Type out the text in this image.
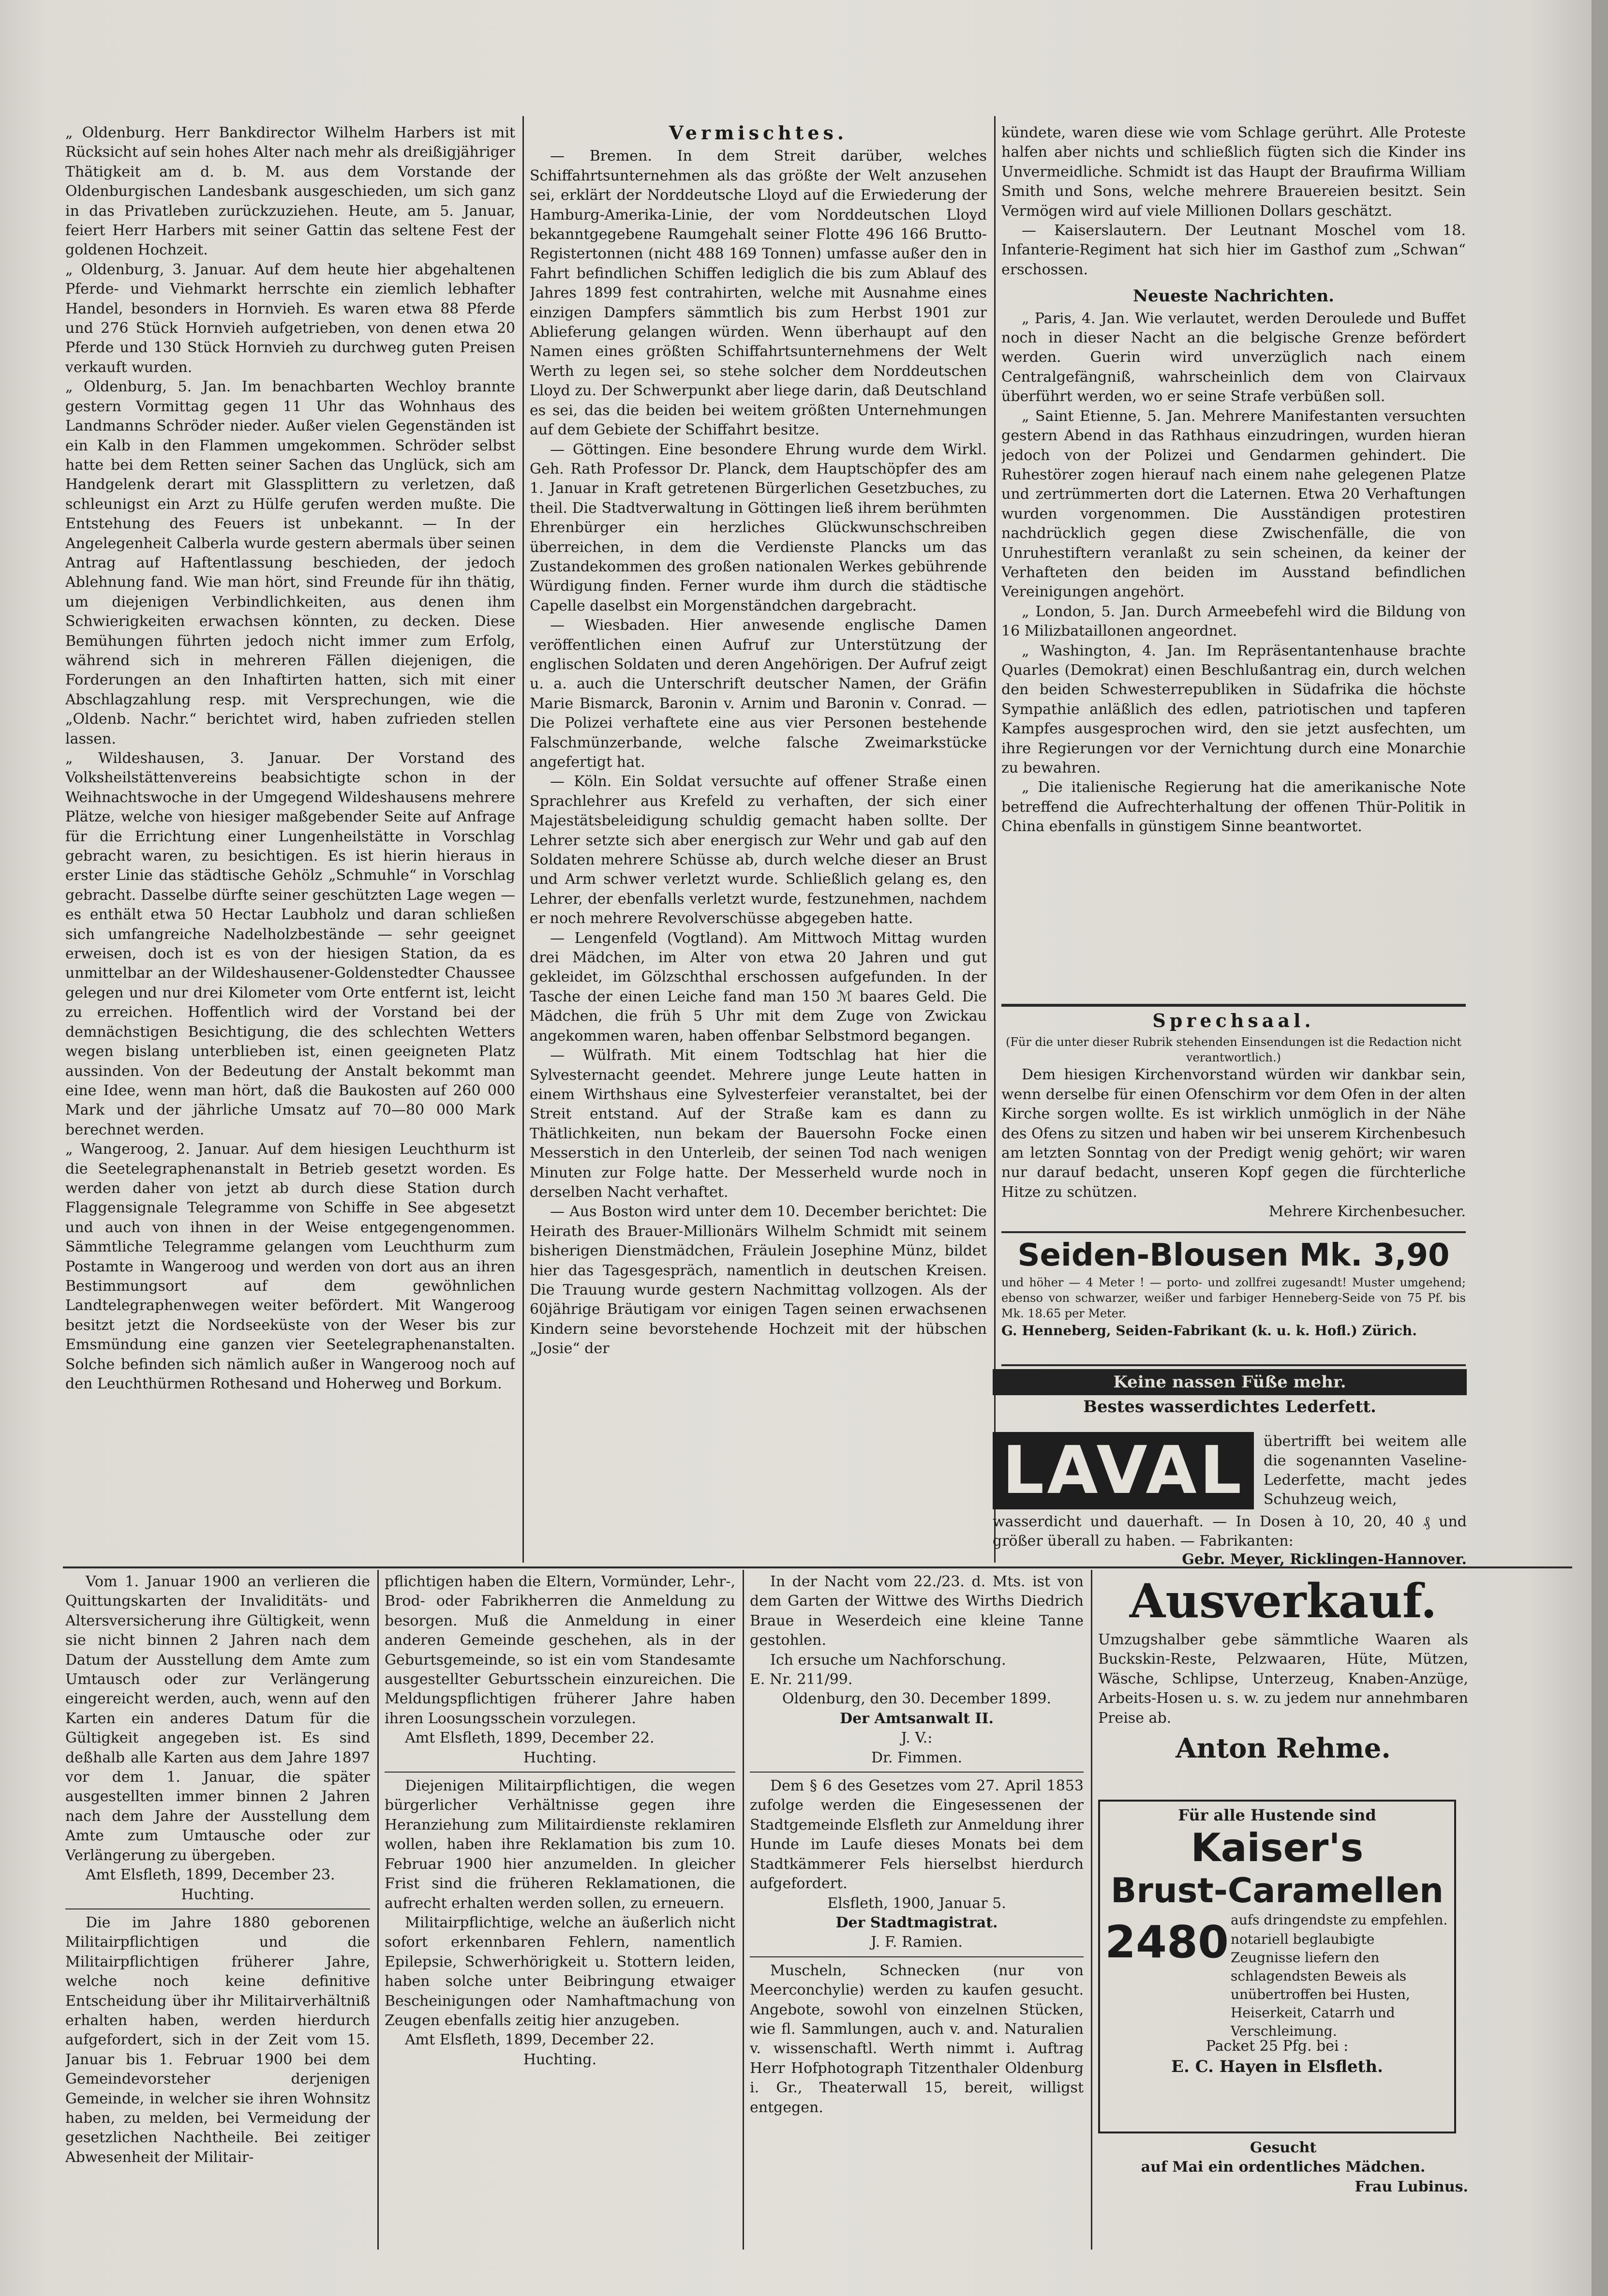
„ Oldenburg. Herr Bankdirector Wilhelm Harbers ist mit Rücksicht auf sein hohes Alter nach mehr als dreißigjähriger Thätigkeit am d. b. M. aus dem Vorstande der Oldenburgischen Landesbank ausgeschieden, um sich ganz in das Privatleben zurückzuziehen. Heute, am 5. Januar, feiert Herr Harbers mit seiner Gattin das seltene Fest der goldenen Hochzeit.

„ Oldenburg, 3. Januar. Auf dem heute hier abgehaltenen Pferde- und Viehmarkt herrschte ein ziemlich lebhafter Handel, besonders in Hornvieh. Es waren etwa 88 Pferde und 276 Stück Hornvieh aufgetrieben, von denen etwa 20 Pferde und 130 Stück Hornvieh zu durchweg guten Preisen verkauft wurden.

„ Oldenburg, 5. Jan. Im benachbarten Wechloy brannte gestern Vormittag gegen 11 Uhr das Wohnhaus des Landmanns Schröder nieder. Außer vielen Gegenständen ist ein Kalb in den Flammen umgekommen. Schröder selbst hatte bei dem Retten seiner Sachen das Unglück, sich am Handgelenk derart mit Glassplittern zu verletzen, daß schleunigst ein Arzt zu Hülfe gerufen werden mußte. Die Entstehung des Feuers ist unbekannt. — In der Angelegenheit Calberla wurde gestern abermals über seinen Antrag auf Haftentlassung beschieden, der jedoch Ablehnung fand. Wie man hört, sind Freunde für ihn thätig, um diejenigen Verbindlichkeiten, aus denen ihm Schwierigkeiten erwachsen könnten, zu decken. Diese Bemühungen führten jedoch nicht immer zum Erfolg, während sich in mehreren Fällen diejenigen, die Forderungen an den Inhaftirten hatten, sich mit einer Abschlagzahlung resp. mit Versprechungen, wie die „Oldenb. Nachr.“ berichtet wird, haben zufrieden stellen lassen.

„ Wildeshausen, 3. Januar. Der Vorstand des Volksheilstättenvereins beabsichtigte schon in der Weihnachtswoche in der Umgegend Wildeshausens mehrere Plätze, welche von hiesiger maßgebender Seite auf Anfrage für die Errichtung einer Lungenheilstätte in Vorschlag gebracht waren, zu besichtigen. Es ist hierin hieraus in erster Linie das städtische Gehölz „Schmuhle“ in Vorschlag gebracht. Dasselbe dürfte seiner geschützten Lage wegen — es enthält etwa 50 Hectar Laubholz und daran schließen sich umfangreiche Nadelholzbestände — sehr geeignet erweisen, doch ist es von der hiesigen Station, da es unmittelbar an der Wildeshausener-Goldenstedter Chaussee gelegen und nur drei Kilometer vom Orte entfernt ist, leicht zu erreichen. Hoffentlich wird der Vorstand bei der demnächstigen Besichtigung, die des schlechten Wetters wegen bislang unterblieben ist, einen geeigneten Platz aussinden. Von der Bedeutung der Anstalt bekommt man eine Idee, wenn man hört, daß die Baukosten auf 260 000 Mark und der jährliche Umsatz auf 70—80 000 Mark berechnet werden.

„ Wangeroog, 2. Januar. Auf dem hiesigen Leuchthurm ist die Seetelegraphenanstalt in Betrieb gesetzt worden. Es werden daher von jetzt ab durch diese Station durch Flaggensignale Telegramme von Schiffe in See abgesetzt und auch von ihnen in der Weise entgegengenommen. Sämmtliche Telegramme gelangen vom Leuchthurm zum Postamte in Wangeroog und werden von dort aus an ihren Bestimmungsort auf dem gewöhnlichen Landtelegraphenwegen weiter befördert. Mit Wangeroog besitzt jetzt die Nordseeküste von der Weser bis zur Emsmündung eine ganzen vier Seetelegraphenanstalten. Solche befinden sich nämlich außer in Wangeroog noch auf den Leuchthürmen Rothesand und Hoherweg und Borkum.

Vermischtes.

— Bremen. In dem Streit darüber, welches Schiffahrtsunternehmen als das größte der Welt anzusehen sei, erklärt der Norddeutsche Lloyd auf die Erwiederung der Hamburg-Amerika-Linie, der vom Norddeutschen Lloyd bekanntgegebene Raumgehalt seiner Flotte 496 166 Brutto-Registertonnen (nicht 488 169 Tonnen) umfasse außer den in Fahrt befindlichen Schiffen lediglich die bis zum Ablauf des Jahres 1899 fest contrahirten, welche mit Ausnahme eines einzigen Dampfers sämmtlich bis zum Herbst 1901 zur Ablieferung gelangen würden. Wenn überhaupt auf den Namen eines größten Schiffahrtsunternehmens der Welt Werth zu legen sei, so stehe solcher dem Norddeutschen Lloyd zu. Der Schwerpunkt aber liege darin, daß Deutschland es sei, das die beiden bei weitem größten Unternehmungen auf dem Gebiete der Schiffahrt besitze.

— Göttingen. Eine besondere Ehrung wurde dem Wirkl. Geh. Rath Professor Dr. Planck, dem Hauptschöpfer des am 1. Januar in Kraft getretenen Bürgerlichen Gesetzbuches, zu theil. Die Stadtverwaltung in Göttingen ließ ihrem berühmten Ehrenbürger ein herzliches Glückwunschschreiben überreichen, in dem die Verdienste Plancks um das Zustandekommen des großen nationalen Werkes gebührende Würdigung finden. Ferner wurde ihm durch die städtische Capelle daselbst ein Morgenständchen dargebracht.

— Wiesbaden. Hier anwesende englische Damen veröffentlichen einen Aufruf zur Unterstützung der englischen Soldaten und deren Angehörigen. Der Aufruf zeigt u. a. auch die Unterschrift deutscher Namen, der Gräfin Marie Bismarck, Baronin v. Arnim und Baronin v. Conrad. — Die Polizei verhaftete eine aus vier Personen bestehende Falschmünzerbande, welche falsche Zweimarkstücke angefertigt hat.

— Köln. Ein Soldat versuchte auf offener Straße einen Sprachlehrer aus Krefeld zu verhaften, der sich einer Majestätsbeleidigung schuldig gemacht haben sollte. Der Lehrer setzte sich aber energisch zur Wehr und gab auf den Soldaten mehrere Schüsse ab, durch welche dieser an Brust und Arm schwer verletzt wurde. Schließlich gelang es, den Lehrer, der ebenfalls verletzt wurde, festzunehmen, nachdem er noch mehrere Revolverschüsse abgegeben hatte.

— Lengenfeld (Vogtland). Am Mittwoch Mittag wurden drei Mädchen, im Alter von etwa 20 Jahren und gut gekleidet, im Gölzschthal erschossen aufgefunden. In der Tasche der einen Leiche fand man 150 ℳ baares Geld. Die Mädchen, die früh 5 Uhr mit dem Zuge von Zwickau angekommen waren, haben offenbar Selbstmord begangen.

— Wülfrath. Mit einem Todtschlag hat hier die Sylvesternacht geendet. Mehrere junge Leute hatten in einem Wirthshaus eine Sylvesterfeier veranstaltet, bei der Streit entstand. Auf der Straße kam es dann zu Thätlichkeiten, nun bekam der Bauersohn Focke einen Messerstich in den Unterleib, der seinen Tod nach wenigen Minuten zur Folge hatte. Der Messerheld wurde noch in derselben Nacht verhaftet.

— Aus Boston wird unter dem 10. December berichtet: Die Heirath des Brauer-Millionärs Wilhelm Schmidt mit seinem bisherigen Dienstmädchen, Fräulein Josephine Münz, bildet hier das Tagesgespräch, namentlich in deutschen Kreisen. Die Trauung wurde gestern Nachmittag vollzogen. Als der 60jährige Bräutigam vor einigen Tagen seinen erwachsenen Kindern seine bevorstehende Hochzeit mit der hübschen „Josie“ der

kündete, waren diese wie vom Schlage gerührt. Alle Proteste halfen aber nichts und schließlich fügten sich die Kinder ins Unvermeidliche. Schmidt ist das Haupt der Braufirma William Smith und Sons, welche mehrere Brauereien besitzt. Sein Vermögen wird auf viele Millionen Dollars geschätzt.

— Kaiserslautern. Der Leutnant Moschel vom 18. Infanterie-Regiment hat sich hier im Gasthof zum „Schwan“ erschossen.

Neueste Nachrichten.

„ Paris, 4. Jan. Wie verlautet, werden Deroulede und Buffet noch in dieser Nacht an die belgische Grenze befördert werden. Guerin wird unverzüglich nach einem Centralgefängniß, wahrscheinlich dem von Clairvaux überführt werden, wo er seine Strafe verbüßen soll.

„ Saint Etienne, 5. Jan. Mehrere Manifestanten versuchten gestern Abend in das Rathhaus einzudringen, wurden hieran jedoch von der Polizei und Gendarmen gehindert. Die Ruhestörer zogen hierauf nach einem nahe gelegenen Platze und zertrümmerten dort die Laternen. Etwa 20 Verhaftungen wurden vorgenommen. Die Ausständigen protestiren nachdrücklich gegen diese Zwischenfälle, die von Unruhestiftern veranlaßt zu sein scheinen, da keiner der Verhafteten den beiden im Ausstand befindlichen Vereinigungen angehört.

„ London, 5. Jan. Durch Armeebefehl wird die Bildung von 16 Milizbataillonen angeordnet.

„ Washington, 4. Jan. Im Repräsentantenhause brachte Quarles (Demokrat) einen Beschlußantrag ein, durch welchen den beiden Schwesterrepubliken in Südafrika die höchste Sympathie anläßlich des edlen, patriotischen und tapferen Kampfes ausgesprochen wird, den sie jetzt ausfechten, um ihre Regierungen vor der Vernichtung durch eine Monarchie zu bewahren.

„ Die italienische Regierung hat die amerikanische Note betreffend die Aufrechterhaltung der offenen Thür-Politik in China ebenfalls in günstigem Sinne beantwortet.

Sprechsaal.

(Für die unter dieser Rubrik stehenden Einsendungen ist die Redaction nicht verantwortlich.)

Dem hiesigen Kirchenvorstand würden wir dankbar sein, wenn derselbe für einen Ofenschirm vor dem Ofen in der alten Kirche sorgen wollte. Es ist wirklich unmöglich in der Nähe des Ofens zu sitzen und haben wir bei unserem Kirchenbesuch am letzten Sonntag von der Predigt wenig gehört; wir waren nur darauf bedacht, unseren Kopf gegen die fürchterliche Hitze zu schützen.

Mehrere Kirchenbesucher.

Seiden-Blousen Mk. 3,90

und höher — 4 Meter ! — porto- und zollfrei zugesandt! Muster umgehend; ebenso von schwarzer, weißer und farbiger Henneberg-Seide von 75 Pf. bis Mk. 18.65 per Meter.

G. Henneberg, Seiden-Fabrikant (k. u. k. Hofl.) Zürich.

Keine nassen Füße mehr.
Bestes wasserdichtes Lederfett.
übertrifft bei weitem alle die sogenannten Vaseline-Lederfette, macht jedes Schuhzeug weich,
wasserdicht und dauerhaft. — In Dosen à 10, 20, 40 ₰ und größer überall zu haben. — Fabrikanten:
Gebr. Meyer, Ricklingen-Hannover.
LAVAL

Vom 1. Januar 1900 an verlieren die Quittungskarten der Invaliditäts- und Altersversicherung ihre Gültigkeit, wenn sie nicht binnen 2 Jahren nach dem Datum der Ausstellung dem Amte zum Umtausch oder zur Verlängerung eingereicht werden, auch, wenn auf den Karten ein anderes Datum für die Gültigkeit angegeben ist. Es sind deßhalb alle Karten aus dem Jahre 1897 vor dem 1. Januar, die später ausgestellten immer binnen 2 Jahren nach dem Jahre der Ausstellung dem Amte zum Umtausche oder zur Verlängerung zu übergeben.

Amt Elsfleth, 1899, December 23.

Huchting.

Die im Jahre 1880 geborenen Militairpflichtigen und die Militairpflichtigen früherer Jahre, welche noch keine definitive Entscheidung über ihr Militairverhältniß erhalten haben, werden hierdurch aufgefordert, sich in der Zeit vom 15. Januar bis 1. Februar 1900 bei dem Gemeindevorsteher derjenigen Gemeinde, in welcher sie ihren Wohnsitz haben, zu melden, bei Vermeidung der gesetzlichen Nachtheile. Bei zeitiger Abwesenheit der Militair-

pflichtigen haben die Eltern, Vormünder, Lehr-, Brod- oder Fabrikherren die Anmeldung zu besorgen. Muß die Anmeldung in einer anderen Gemeinde geschehen, als in der Geburtsgemeinde, so ist ein vom Standesamte ausgestellter Geburtsschein einzureichen. Die Meldungspflichtigen früherer Jahre haben ihren Loosungsschein vorzulegen.

Amt Elsfleth, 1899, December 22.

Huchting.

Diejenigen Militairpflichtigen, die wegen bürgerlicher Verhältnisse gegen ihre Heranziehung zum Militairdienste reklamiren wollen, haben ihre Reklamation bis zum 10. Februar 1900 hier anzumelden. In gleicher Frist sind die früheren Reklamationen, die aufrecht erhalten werden sollen, zu erneuern.

Militairpflichtige, welche an äußerlich nicht sofort erkennbaren Fehlern, namentlich Epilepsie, Schwerhörigkeit u. Stottern leiden, haben solche unter Beibringung etwaiger Bescheinigungen oder Namhaftmachung von Zeugen ebenfalls zeitig hier anzugeben.

Amt Elsfleth, 1899, December 22.

Huchting.

In der Nacht vom 22./23. d. Mts. ist von dem Garten der Wittwe des Wirths Diedrich Braue in Weserdeich eine kleine Tanne gestohlen.

Ich ersuche um Nachforschung.

E. Nr. 211/99.

Oldenburg, den 30. December 1899.

Der Amtsanwalt II.

J. V.:

Dr. Fimmen.

Dem § 6 des Gesetzes vom 27. April 1853 zufolge werden die Eingesessenen der Stadtgemeinde Elsfleth zur Anmeldung ihrer Hunde im Laufe dieses Monats bei dem Stadtkämmerer Fels hierselbst hierdurch aufgefordert.

Elsfleth, 1900, Januar 5.

Der Stadtmagistrat.

J. F. Ramien.

Muscheln, Schnecken (nur von Meerconchylie) werden zu kaufen gesucht. Angebote, sowohl von einzelnen Stücken, wie fl. Sammlungen, auch v. and. Naturalien v. wissenschaftl. Werth nimmt i. Auftrag Herr Hofphotograph Titzenthaler Oldenburg i. Gr., Theaterwall 15, bereit, willigst entgegen.

Ausverkauf.

Umzugshalber gebe sämmtliche Waaren als Buckskin-Reste, Pelzwaaren, Hüte, Mützen, Wäsche, Schlipse, Unterzeug, Knaben-Anzüge, Arbeits-Hosen u. s. w. zu jedem nur annehmbaren Preise ab.

Anton Rehme.
Für alle Hustende sind
Kaiser's
Brust-Caramellen
2480 aufs dringendste zu empfehlen.
notariell beglaubigte Zeugnisse liefern den schlagendsten Beweis als unübertroffen bei Husten, Heiserkeit, Catarrh und Verschleimung.
Packet 25 Pfg. bei :
E. C. Hayen in Elsfleth.

Gesucht

auf Mai ein ordentliches Mädchen.

Frau Lubinus.
